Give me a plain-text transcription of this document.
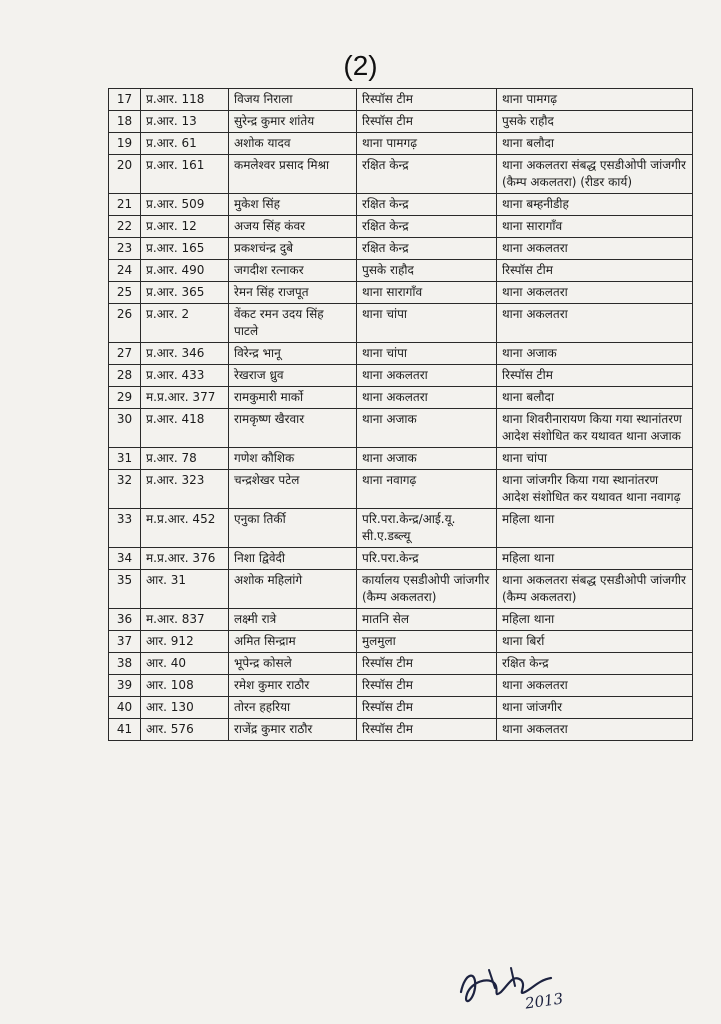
(2)
17	प्र.आर. 118	विजय निराला	रिस्पॉस टीम	थाना पामगढ़
18	प्र.आर. 13	सुरेन्द्र कुमार शांतेय	रिस्पॉस टीम	पुसके राहौद
19	प्र.आर. 61	अशोक यादव	थाना पामगढ़	थाना बलौदा
20	प्र.आर. 161	कमलेश्वर प्रसाद मिश्रा	रक्षित केन्द्र	थाना अकलतरा संबद्ध एसडीओपी जांजगीर (कैम्प अकलतरा) (रीडर कार्य)
21	प्र.आर. 509	मुकेश सिंह	रक्षित केन्द्र	थाना बम्हनीडीह
22	प्र.आर. 12	अजय सिंह कंवर	रक्षित केन्द्र	थाना सारागाँव
23	प्र.आर. 165	प्रकशचंन्द्र दुबे	रक्षित केन्द्र	थाना अकलतरा
24	प्र.आर. 490	जगदीश रत्नाकर	पुसके राहौद	रिस्पॉस टीम
25	प्र.आर. 365	रेमन सिंह राजपूत	थाना सारागाँव	थाना अकलतरा
26	प्र.आर. 2	वेंकट रमन उदय सिंह पाटले	थाना चांपा	थाना अकलतरा
27	प्र.आर. 346	विरेन्द्र भानू	थाना चांपा	थाना अजाक
28	प्र.आर. 433	रेखराज ध्रुव	थाना अकलतरा	रिस्पॉस टीम
29	म.प्र.आर. 377	रामकुमारी मार्को	थाना अकलतरा	थाना बलौदा
30	प्र.आर. 418	रामकृष्ण खैरवार	थाना अजाक	थाना शिवरीनारायण किया गया स्थानांतरण आदेश संशोधित कर यथावत थाना अजाक
31	प्र.आर. 78	गणेश कौशिक	थाना अजाक	थाना चांपा
32	प्र.आर. 323	चन्द्रशेखर पटेल	थाना नवागढ़	थाना जांजगीर किया गया स्थानांतरण आदेश संशोधित कर यथावत थाना नवागढ़
33	म.प्र.आर. 452	एनुका तिर्की	परि.परा.केन्द्र/आई.यू. सी.ए.डब्ल्यू	महिला थाना
34	म.प्र.आर. 376	निशा द्विवेदी	परि.परा.केन्द्र	महिला थाना
35	आर. 31	अशोक महिलांगे	कार्यालय एसडीओपी जांजगीर (कैम्प अकलतरा)	थाना अकलतरा संबद्ध एसडीओपी जांजगीर (कैम्प अकलतरा)
36	म.आर. 837	लक्ष्मी रात्रे	मातनि सेल	महिला थाना
37	आर. 912	अमित सिन्द्राम	मुलमुला	थाना बिर्रा
38	आर. 40	भूपेन्द्र कोसले	रिस्पॉस टीम	रक्षित केन्द्र
39	आर. 108	रमेश कुमार राठौर	रिस्पॉस टीम	थाना अकलतरा
40	आर. 130	तोरन हहरिया	रिस्पॉस टीम	थाना जांजगीर
41	आर. 576	राजेंद्र कुमार राठौर	रिस्पॉस टीम	थाना अकलतरा
2013
